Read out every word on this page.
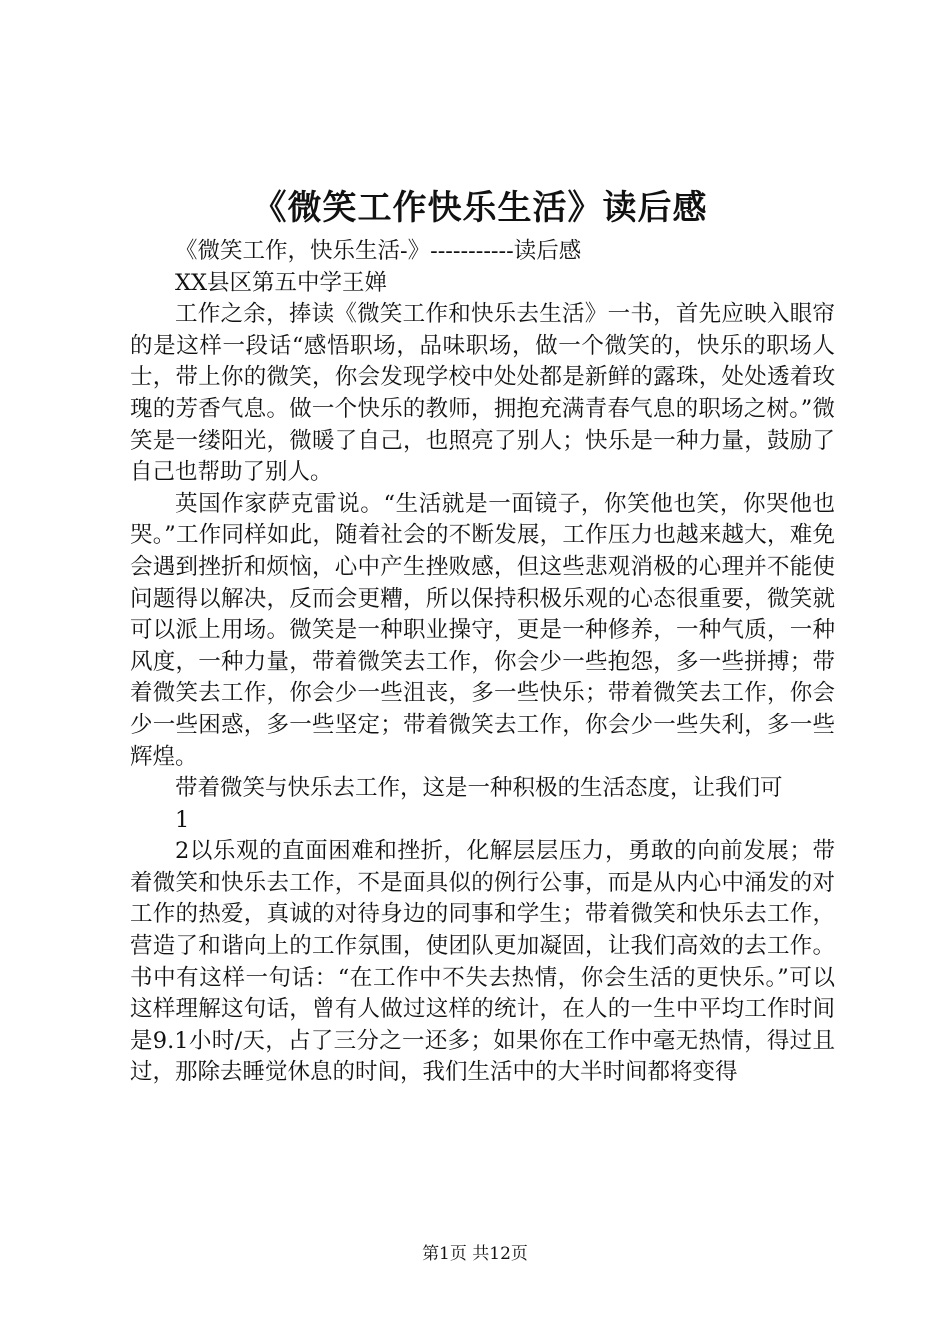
《微笑工作快乐生活》读后感

《微笑工作，快乐生活-》-----------读后感

XX县区第五中学王婵

工作之余，捧读《微笑工作和快乐去生活》一书，首先应映入眼帘的是这样一段话“感悟职场，品味职场，做一个微笑的，快乐的职场人士，带上你的微笑，你会发现学校中处处都是新鲜的露珠，处处透着玫瑰的芳香气息。做一个快乐的教师，拥抱充满青春气息的职场之树。”微笑是一缕阳光，微暖了自己，也照亮了别人；快乐是一种力量，鼓励了自己也帮助了别人。

英国作家萨克雷说。“生活就是一面镜子，你笑他也笑，你哭他也哭。”工作同样如此，随着社会的不断发展，工作压力也越来越大，难免会遇到挫折和烦恼，心中产生挫败感，但这些悲观消极的心理并不能使问题得以解决，反而会更糟，所以保持积极乐观的心态很重要，微笑就可以派上用场。微笑是一种职业操守，更是一种修养，一种气质，一种风度，一种力量，带着微笑去工作，你会少一些抱怨，多一些拼搏；带着微笑去工作，你会少一些沮丧，多一些快乐；带着微笑去工作，你会少一些困惑，多一些坚定；带着微笑去工作，你会少一些失利，多一些辉煌。

带着微笑与快乐去工作，这是一种积极的生活态度，让我们可

1

2以乐观的直面困难和挫折，化解层层压力，勇敢的向前发展；带着微笑和快乐去工作，不是面具似的例行公事，而是从内心中涌发的对工作的热爱，真诚的对待身边的同事和学生；带着微笑和快乐去工作，营造了和谐向上的工作氛围，使团队更加凝固，让我们高效的去工作。书中有这样一句话：“在工作中不失去热情，你会生活的更快乐。”可以这样理解这句话，曾有人做过这样的统计，在人的一生中平均工作时间是9.1小时/天，占了三分之一还多；如果你在工作中毫无热情，得过且过，那除去睡觉休息的时间，我们生活中的大半时间都将变得

第1页 共12页
